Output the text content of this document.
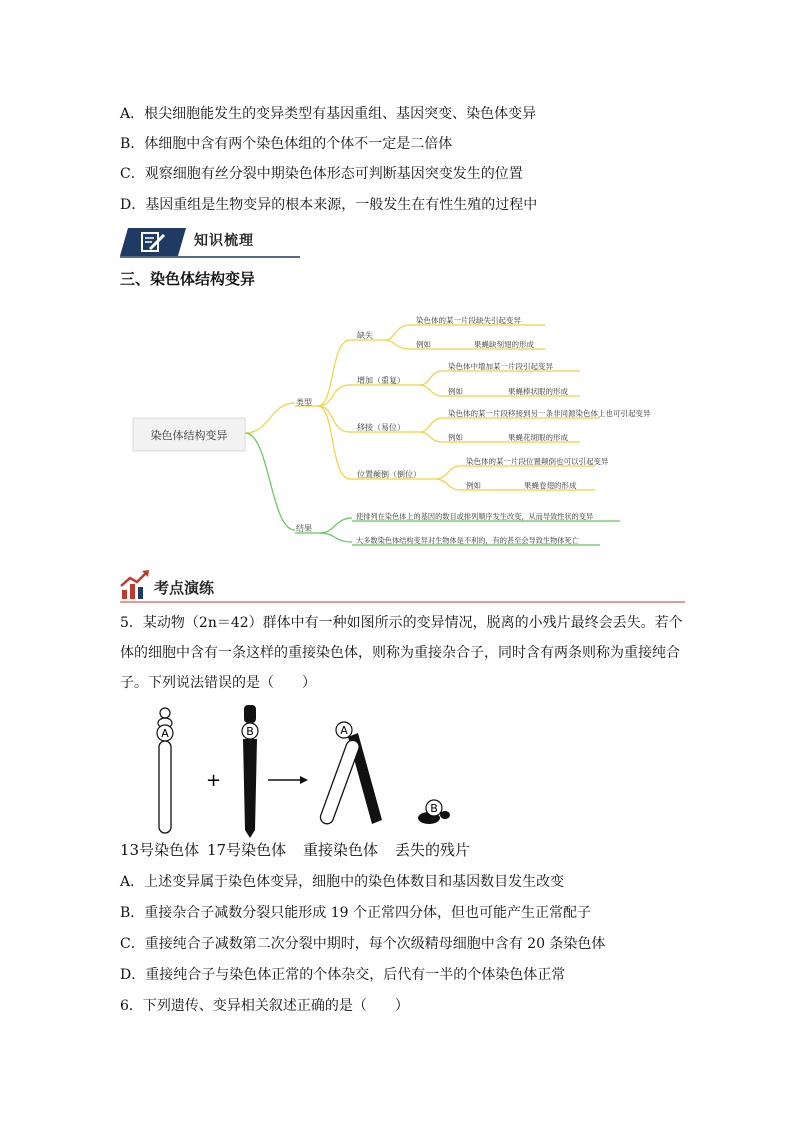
A．根尖细胞能发生的变异类型有基因重组、基因突变、染色体变异
B．体细胞中含有两个染色体组的个体不一定是二倍体
C．观察细胞有丝分裂中期染色体形态可判断基因突变发生的位置
D．基因重组是生物变异的根本来源，一般发生在有性生殖的过程中
知识梳理
三、染色体结构变异
染色体结构变异
类型
结果
缺失
染色体的某一片段缺失引起变异
例如	果蝇缺刻翅的形成
增加（重复）
染色体中增加某一片段引起变异
例如	果蝇棒状眼的形成
移接（易位）
染色体的某一片段移接到另一条非同源染色体上也可引起变异
例如	果蝇花斑眼的形成
位置颠倒（倒位）
染色体的某一片段位置颠倒也可以引起变异
例如	果蝇卷翅的形成
使排列在染色体上的基因的数目或排列顺序发生改变，从而导致性状的变异
大多数染色体结构变异对生物体是不利的，有的甚至会导致生物体死亡
考点演练
5．某动物（2n＝42）群体中有一种如图所示的变异情况，脱离的小残片最终会丢失。若个
体的细胞中含有一条这样的重接染色体，则称为重接杂合子，同时含有两条则称为重接纯合
子。下列说法错误的是（　　）
A
+
B	A
B
13号染色体 17号染色体 重接染色体 丢失的残片
A．上述变异属于染色体变异，细胞中的染色体数目和基因数目发生改变
B．重接杂合子减数分裂只能形成 19 个正常四分体，但也可能产生正常配子
C．重接纯合子减数第二次分裂中期时，每个次级精母细胞中含有 20 条染色体
D．重接纯合子与染色体正常的个体杂交，后代有一半的个体染色体正常
6．下列遗传、变异相关叙述正确的是（　　）
